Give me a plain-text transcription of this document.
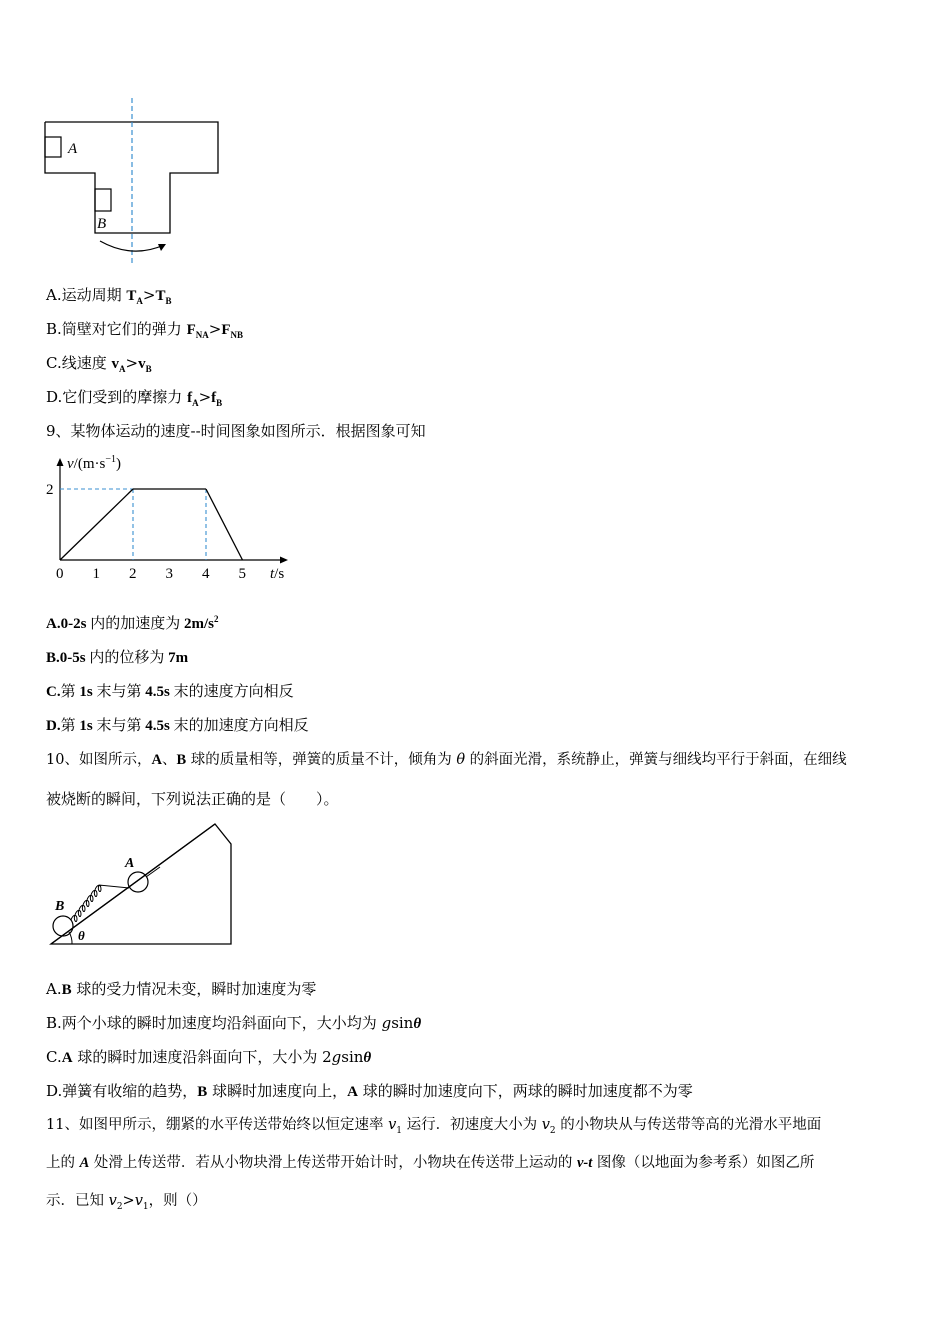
A
B
A.运动周期 $T_A>T_B$
B.筒壁对它们的弹力 $F_{NA}>F_{NB}$
C.线速度 $v_A>v_B$
D.它们受到的摩擦力 $f_A>f_B$
9、某物体运动的速度--时间图象如图所示．根据图象可知
$v/(m\cdot s^{-1})$
t/s
0 1 2 3 4 5
2
A.0-2s 内的加速度为 $2m/s^2$
B.0-5s 内的位移为 7m
C.第 1s 末与第 4.5s 末的速度方向相反
D.第 1s 末与第 4.5s 末的加速度方向相反
10、如图所示，A、B 球的质量相等，弹簧的质量不计，倾角为 θ 的斜面光滑，系统静止，弹簧与细线均平行于斜面，在细线
被烧断的瞬间，下列说法正确的是（　　）。
A
B
θ
A.B 球的受力情况未变，瞬时加速度为零
B.两个小球的瞬时加速度均沿斜面向下，大小均为 gsinθ
C.A 球的瞬时加速度沿斜面向下，大小为 2gsinθ
D.弹簧有收缩的趋势，B 球瞬时加速度向上，A 球的瞬时加速度向下，两球的瞬时加速度都不为零
11、如图甲所示，绷紧的水平传送带始终以恒定速率 $v_1$ 运行．初速度大小为 $v_2$ 的小物块从与传送带等高的光滑水平地面
上的 A 处滑上传送带．若从小物块滑上传送带开始计时，小物块在传送带上运动的 v-t 图像（以地面为参考系）如图乙所
示．已知 $v_2>v_1$，则（）
